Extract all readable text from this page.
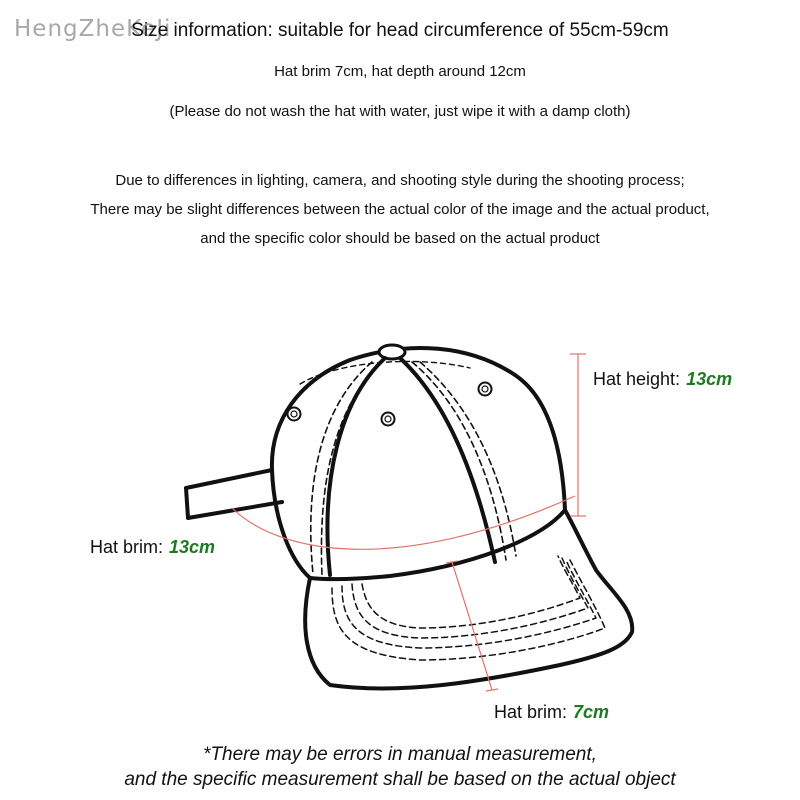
HengZheKeJi
Size information: suitable for head circumference of 55cm-59cm
Hat brim 7cm, hat depth around 12cm
(Please do not wash the hat with water, just wipe it with a damp cloth)
Due to differences in lighting, camera, and shooting style during the shooting process;
There may be slight differences between the actual color of the image and the actual product,
and the specific color should be based on the actual product
Hat height: 13cm
Hat brim: 13cm
Hat brim: 7cm
*There may be errors in manual measurement,
and the specific measurement shall be based on the actual object
